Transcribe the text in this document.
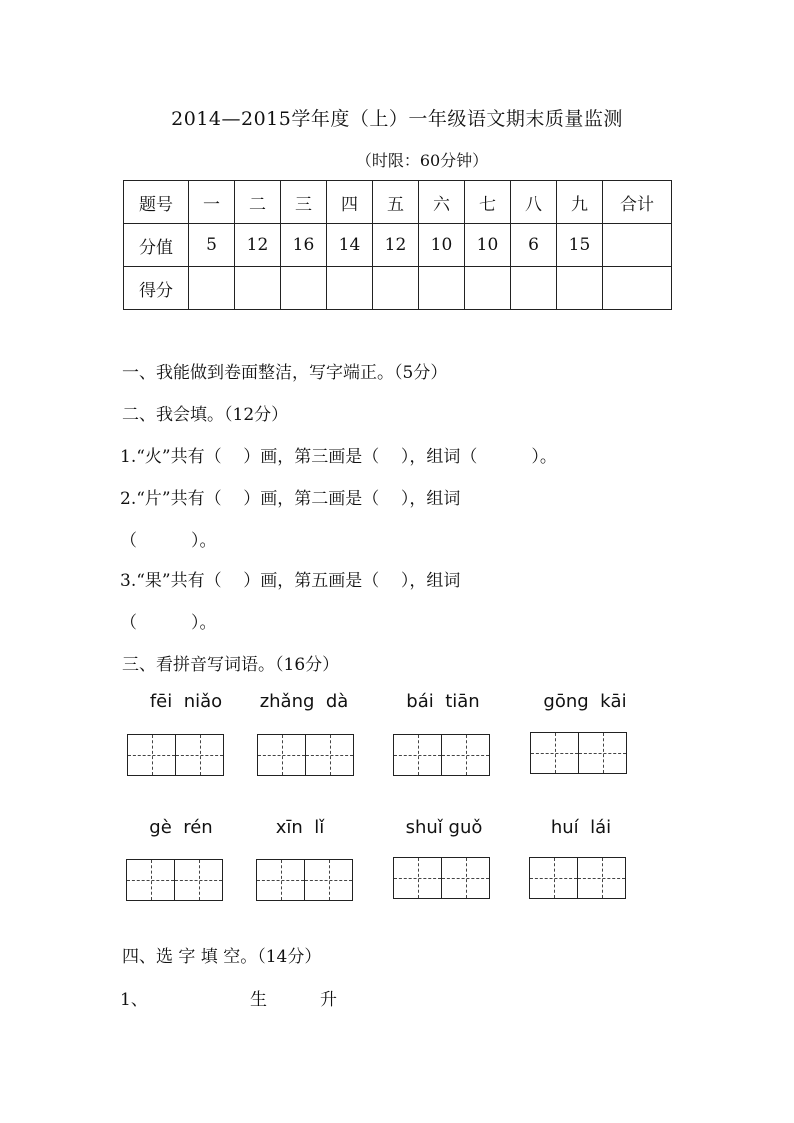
2014—2015学年度（上）一年级语文期末质量监测
（时限：60分钟）
题号	一	二	三	四	五	六	七	八	九	合计
分值	5	12	16	14	12	10	10	6	15	
得分										
一、我能做到卷面整洁，写字端正。（5分）
二、我会填。（12分）
1.“火”共有（    ）画，第三画是（    ），组词（          ）。
2.“片”共有（    ）画，第二画是（    ），组词
（          ）。
3.“果”共有（    ）画，第五画是（    ），组词
（          ）。
三、看拼音写词语。（16分）
fēi  niǎo	zhǎng  dà	bái  tiān	gōng  kāi
gè  rén	xīn  lǐ	shuǐ guǒ	huí  lái
四、选 字 填 空。（14分）
1、	生	升
